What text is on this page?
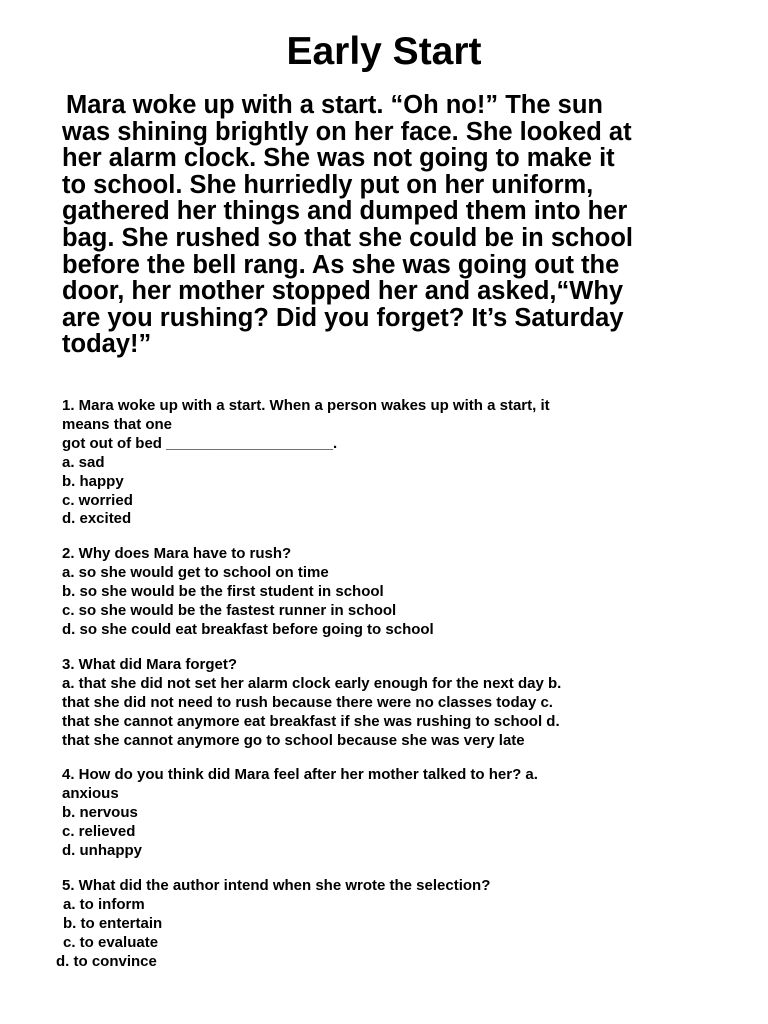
Early Start
Mara woke up with a start. “Oh no!” The sun
was shining brightly on her face. She looked at
her alarm clock. She was not going to make it
to school. She hurriedly put on her uniform,
gathered her things and dumped them into her
bag. She rushed so that she could be in school
before the bell rang. As she was going out the
door, her mother stopped her and asked,“Why
are you rushing? Did you forget? It’s Saturday
today!”
1. Mara woke up with a start. When a person wakes up with a start, it
means that one
got out of bed ____________________.
a. sad
b. happy
c. worried
d. excited
2. Why does Mara have to rush?
a. so she would get to school on time
b. so she would be the first student in school
c. so she would be the fastest runner in school
d. so she could eat breakfast before going to school
3. What did Mara forget?
a. that she did not set her alarm clock early enough for the next day b.
that she did not need to rush because there were no classes today c.
that she cannot anymore eat breakfast if she was rushing to school d.
that she cannot anymore go to school because she was very late
4. How do you think did Mara feel after her mother talked to her? a.
anxious
b. nervous
c. relieved
d. unhappy
5. What did the author intend when she wrote the selection?
a. to inform
b. to entertain
c. to evaluate
d. to convince
